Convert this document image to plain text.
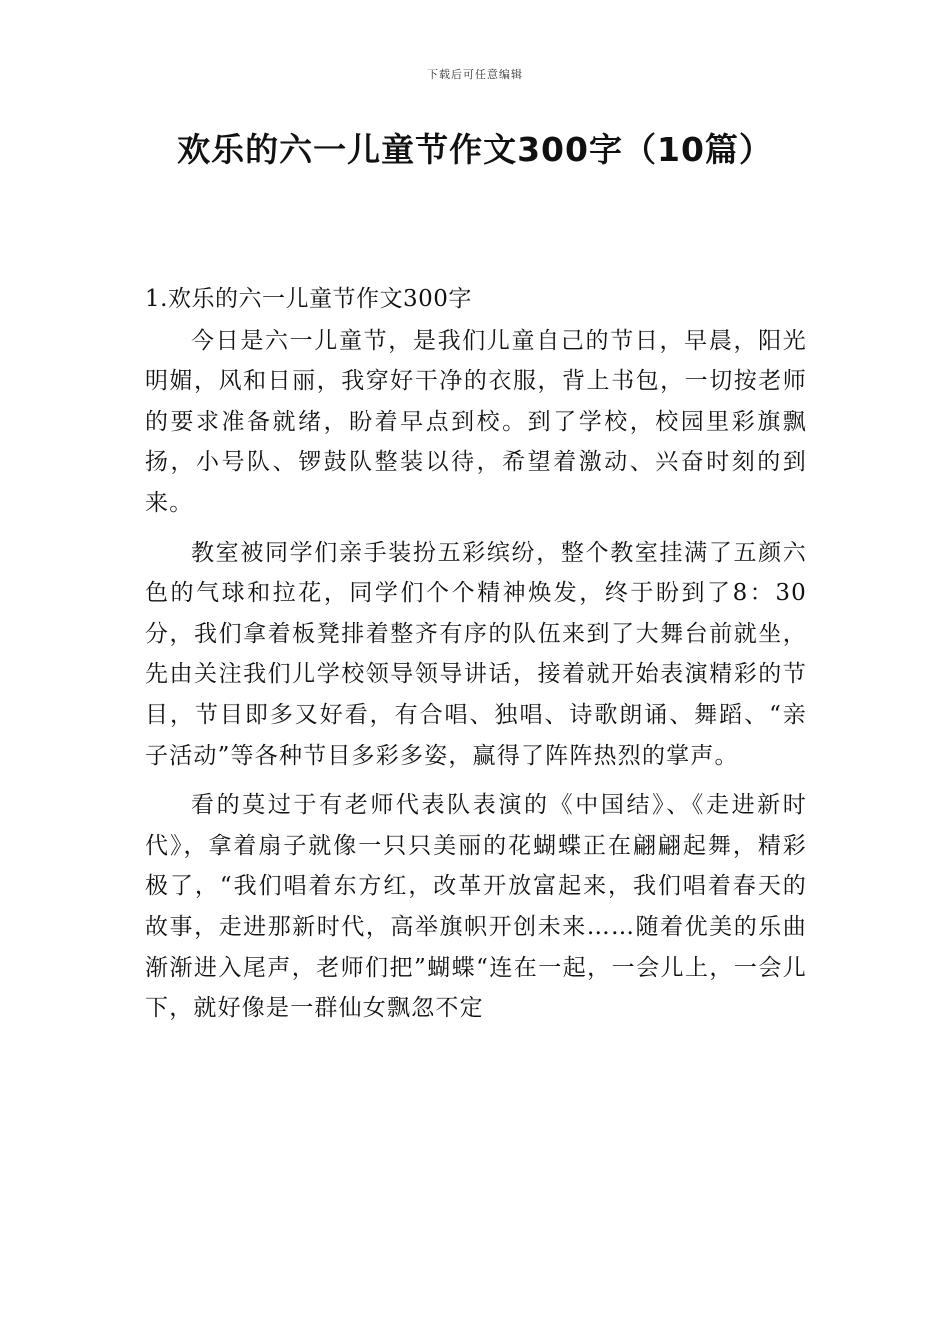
下载后可任意编辑
欢乐的六一儿童节作文300字（10篇）

1.欢乐的六一儿童节作文300字

今日是六一儿童节，是我们儿童自己的节日，早晨，阳光明媚，风和日丽，我穿好干净的衣服，背上书包，一切按老师的要求准备就绪，盼着早点到校。到了学校，校园里彩旗飘扬，小号队、锣鼓队整装以待，希望着激动、兴奋时刻的到来。

教室被同学们亲手装扮五彩缤纷，整个教室挂满了五颜六色的气球和拉花，同学们个个精神焕发，终于盼到了8：30分，我们拿着板凳排着整齐有序的队伍来到了大舞台前就坐，先由关注我们儿学校领导领导讲话，接着就开始表演精彩的节目，节目即多又好看，有合唱、独唱、诗歌朗诵、舞蹈、“亲子活动”等各种节目多彩多姿，赢得了阵阵热烈的掌声。

看的莫过于有老师代表队表演的《中国结》、《走进新时代》，拿着扇子就像一只只美丽的花蝴蝶正在翩翩起舞，精彩极了，“我们唱着东方红，改革开放富起来，我们唱着春天的故事，走进那新时代，高举旗帜开创未来……随着优美的乐曲渐渐进入尾声，老师们把”蝴蝶“连在一起，一会儿上，一会儿下，就好像是一群仙女飘忽不定
